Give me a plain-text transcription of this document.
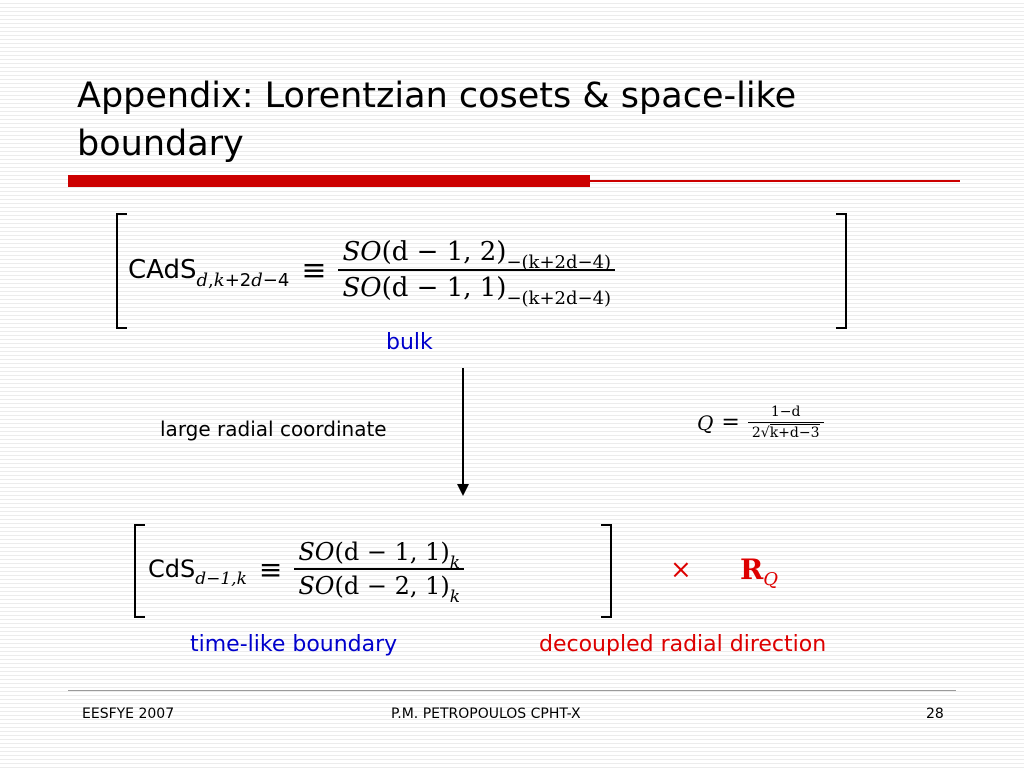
Appendix: Lorentzian cosets & space-like
boundary
CAdS $d,k+2d-4 \equiv \frac{SO(d - 1, 2)_{-(k+2d-4)}}{SO(d - 1, 1)_{-(k+2d-4)}}$
bulk
large radial coordinate	$Q = \frac{1-d}{2√k+d-3}$
CdS $d-1,k \equiv \frac{SO(d - 1, 1)_k}{SO(d - 2, 1)_k}$	× RQ
time-like boundary	decoupled radial direction
EESFYE 2007	P.M. PETROPOULOS CPHT-X	28
